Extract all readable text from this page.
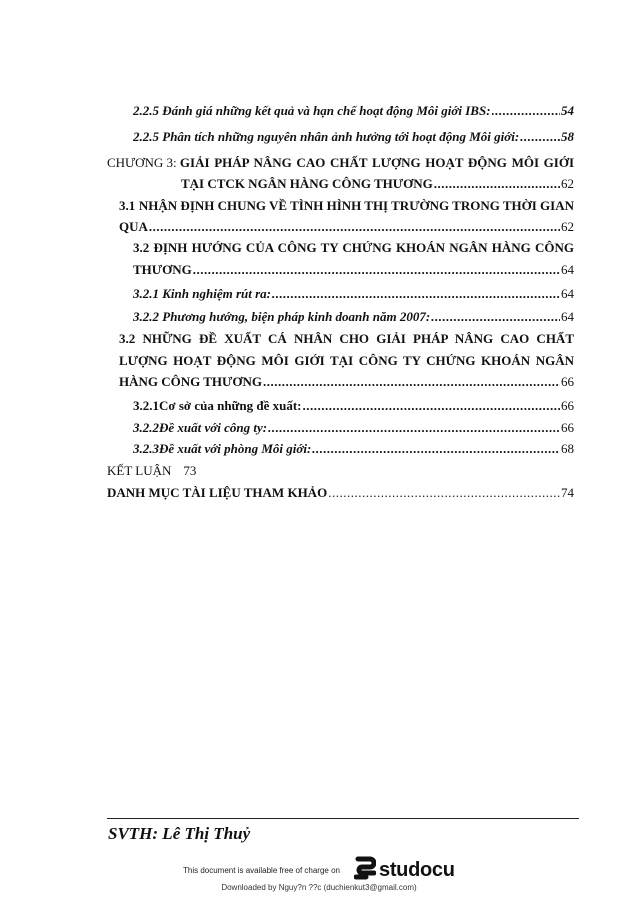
2.2.5 Đánh giá những kết quả và hạn chế hoạt động Môi giới IBS: .....	54
2.2.5 Phân tích những nguyên nhân ảnh hưởng tới hoạt động Môi giới: .....	58
CHƯƠNG 3: GIẢI PHÁP NÂNG CAO CHẤT LƯỢNG HOẠT ĐỘNG MÔI GIỚI
TẠI CTCK NGÂN HÀNG CÔNG THƯƠNG .....	62
3.1 NHẬN ĐỊNH CHUNG VỀ TÌNH HÌNH THỊ TRƯỜNG TRONG THỜI GIAN
QUA .....	62
3.2 ĐỊNH HƯỚNG CỦA CÔNG TY CHỨNG KHOÁN NGÂN HÀNG CÔNG
THƯƠNG .....	64
3.2.1 Kinh nghiệm rút ra: .....	64
3.2.2 Phương hướng, biện pháp kinh doanh năm 2007: .....	64
3.2 NHỮNG ĐỀ XUẤT CÁ NHÂN CHO GIẢI PHÁP NÂNG CAO CHẤT
LƯỢNG HOẠT ĐỘNG MÔI GIỚI TẠI CÔNG TY CHỨNG KHOÁN NGÂN
HÀNG CÔNG THƯƠNG .....	66
3.2.1 Cơ sở của những đề xuất: .....	66
3.2.2 Đề xuất với công ty: .....	66
3.2.3 Đề xuất với phòng Môi giới: .....	68
KẾT LUẬN 73
DANH MỤC TÀI LIỆU THAM KHẢO .....	74
SVTH: Lê Thị Thuỷ
This document is available free of charge on studocu
Downloaded by Nguy?n ??c (duchienkut3@gmail.com)
